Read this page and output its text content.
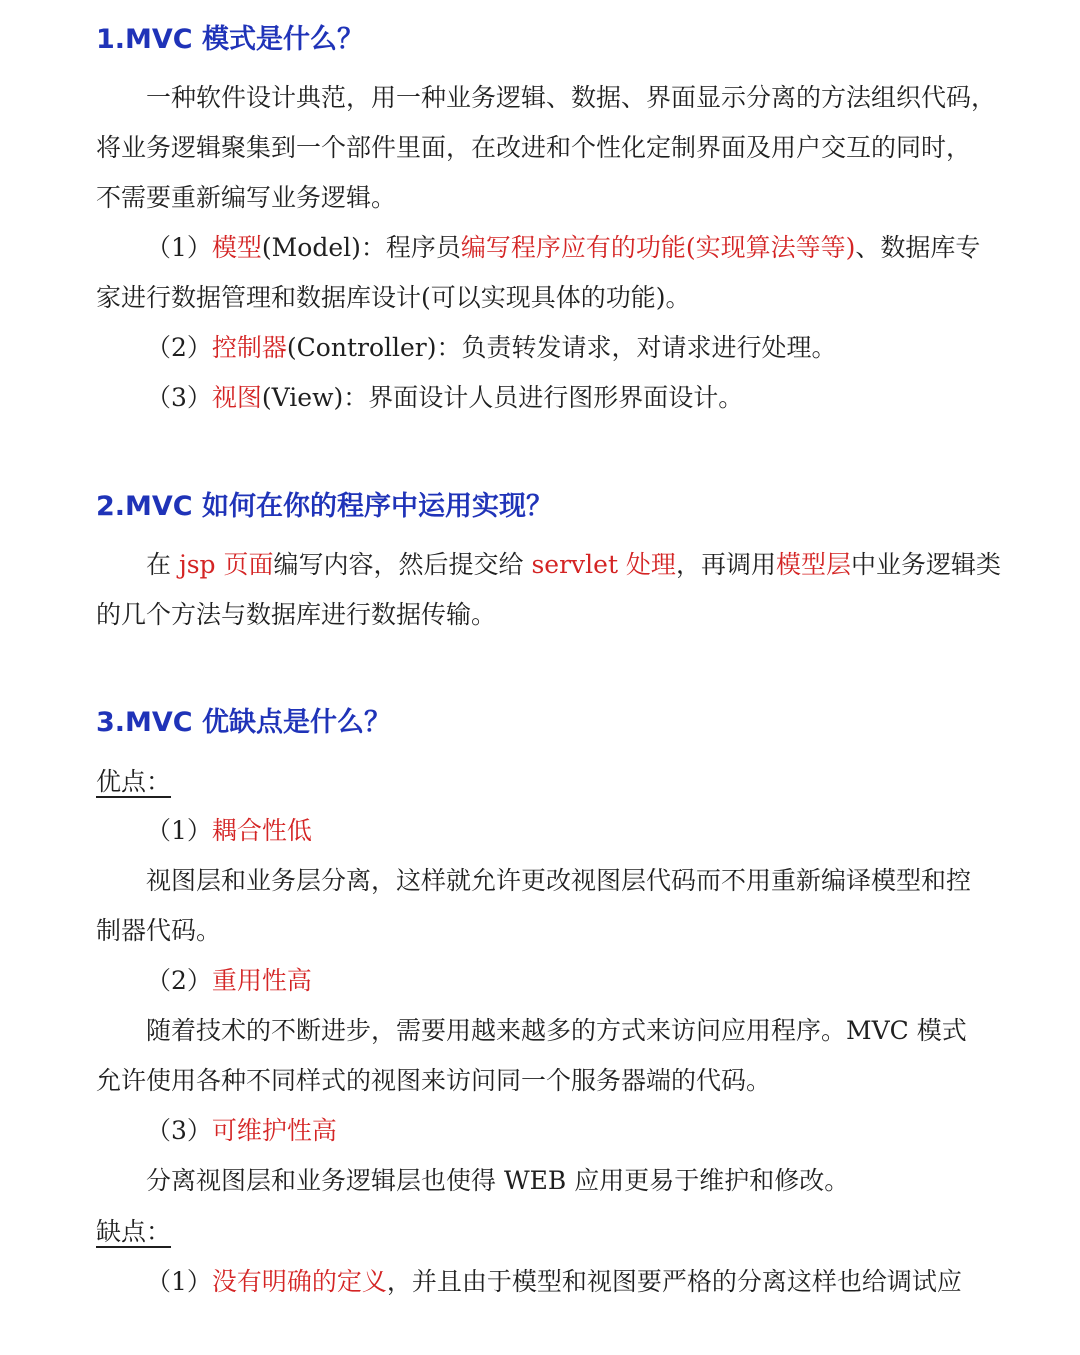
1.MVC 模式是什么？
一种软件设计典范，用一种业务逻辑、数据、界面显示分离的方法组织代码，
将业务逻辑聚集到一个部件里面，在改进和个性化定制界面及用户交互的同时，
不需要重新编写业务逻辑。
（1）模型(Model)：程序员编写程序应有的功能(实现算法等等)、数据库专
家进行数据管理和数据库设计(可以实现具体的功能)。
（2）控制器(Controller)：负责转发请求，对请求进行处理。
（3）视图(View)：界面设计人员进行图形界面设计。
2.MVC 如何在你的程序中运用实现？
在 jsp 页面编写内容，然后提交给 servlet 处理，再调用模型层中业务逻辑类
的几个方法与数据库进行数据传输。
3.MVC 优缺点是什么？
优点：
（1）耦合性低
视图层和业务层分离，这样就允许更改视图层代码而不用重新编译模型和控
制器代码。
（2）重用性高
随着技术的不断进步，需要用越来越多的方式来访问应用程序。MVC 模式
允许使用各种不同样式的视图来访问同一个服务器端的代码。
（3）可维护性高
分离视图层和业务逻辑层也使得 WEB 应用更易于维护和修改。
缺点：
（1）没有明确的定义，并且由于模型和视图要严格的分离这样也给调试应
